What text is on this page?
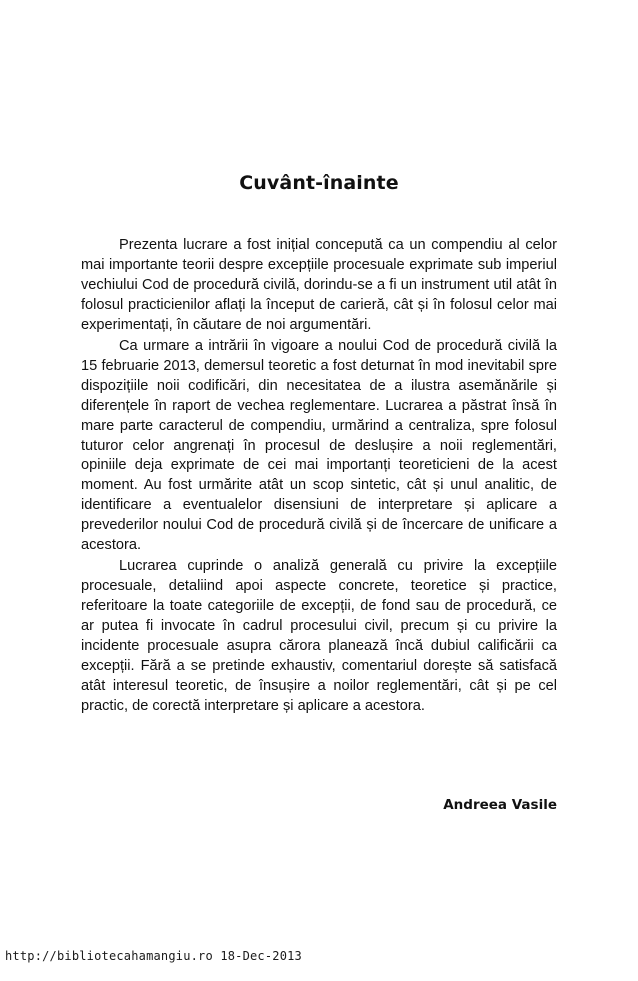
Cuvânt-înainte

Prezenta lucrare a fost inițial concepută ca un compendiu al celor mai importante teorii despre excepțiile procesuale exprimate sub imperiul vechiului Cod de procedură civilă, dorindu-se a fi un instrument util atât în folosul practicienilor aflați la început de carieră, cât și în folosul celor mai experimentați, în căutare de noi argumentări.

Ca urmare a intrării în vigoare a noului Cod de procedură civilă la 15 februarie 2013, demersul teoretic a fost deturnat în mod inevitabil spre dispozițiile noii codificări, din necesitatea de a ilustra asemănările și diferențele în raport de vechea reglementare. Lucrarea a păstrat însă în mare parte caracterul de compendiu, urmărind a centraliza, spre folosul tuturor celor angrenați în procesul de deslușire a noii reglementări, opiniile deja exprimate de cei mai importanți teoreticieni de la acest moment. Au fost urmărite atât un scop sintetic, cât și unul analitic, de identificare a eventualelor disensiuni de interpretare și aplicare a prevederilor noului Cod de procedură civilă și de încercare de unificare a acestora.

Lucrarea cuprinde o analiză generală cu privire la excepțiile procesuale, detaliind apoi aspecte concrete, teoretice și practice, referitoare la toate categoriile de excepții, de fond sau de procedură, ce ar putea fi invocate în cadrul procesului civil, precum și cu privire la incidente procesuale asupra cărora planează încă dubiul calificării ca excepții. Fără a se pretinde exhaustiv, comentariul dorește să satisfacă atât interesul teoretic, de însușire a noilor reglementări, cât și pe cel practic, de corectă interpretare și aplicare a acestora.

Andreea Vasile
http://bibliotecahamangiu.ro 18-Dec-2013
